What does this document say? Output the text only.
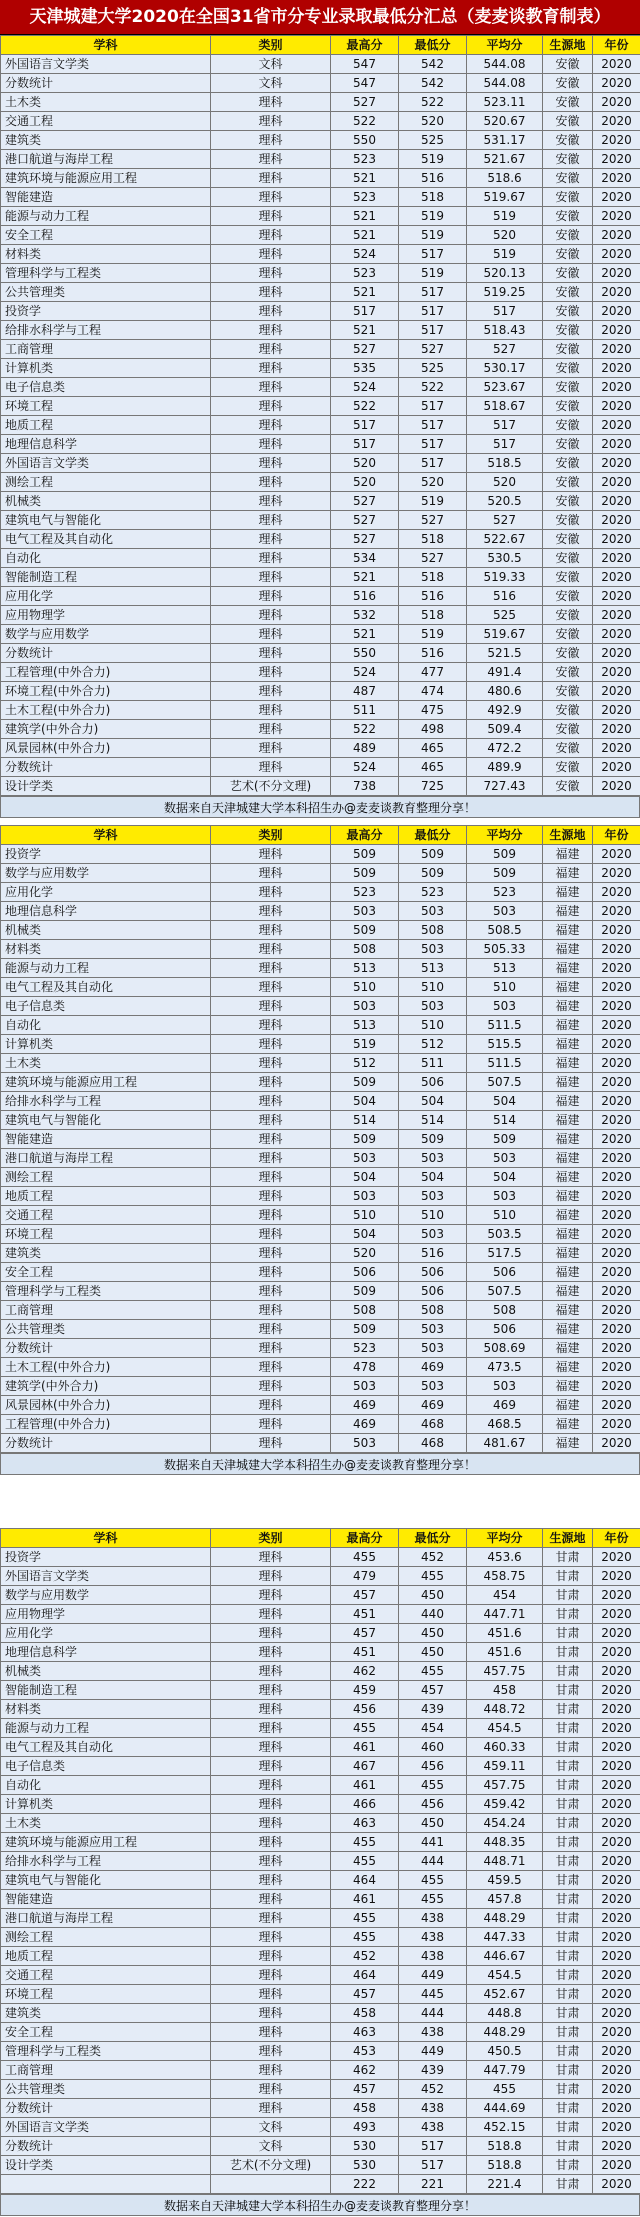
天津城建大学2020在全国31省市分专业录取最低分汇总（麦麦谈教育制表）
学科	类别	最高分	最低分	平均分	生源地	年份
外国语言文学类	文科	547	542	544.08	安徽	2020
分数统计	文科	547	542	544.08	安徽	2020
土木类	理科	527	522	523.11	安徽	2020
交通工程	理科	522	520	520.67	安徽	2020
建筑类	理科	550	525	531.17	安徽	2020
港口航道与海岸工程	理科	523	519	521.67	安徽	2020
建筑环境与能源应用工程	理科	521	516	518.6	安徽	2020
智能建造	理科	523	518	519.67	安徽	2020
能源与动力工程	理科	521	519	519	安徽	2020
安全工程	理科	521	519	520	安徽	2020
材料类	理科	524	517	519	安徽	2020
管理科学与工程类	理科	523	519	520.13	安徽	2020
公共管理类	理科	521	517	519.25	安徽	2020
投资学	理科	517	517	517	安徽	2020
给排水科学与工程	理科	521	517	518.43	安徽	2020
工商管理	理科	527	527	527	安徽	2020
计算机类	理科	535	525	530.17	安徽	2020
电子信息类	理科	524	522	523.67	安徽	2020
环境工程	理科	522	517	518.67	安徽	2020
地质工程	理科	517	517	517	安徽	2020
地理信息科学	理科	517	517	517	安徽	2020
外国语言文学类	理科	520	517	518.5	安徽	2020
测绘工程	理科	520	520	520	安徽	2020
机械类	理科	527	519	520.5	安徽	2020
建筑电气与智能化	理科	527	527	527	安徽	2020
电气工程及其自动化	理科	527	518	522.67	安徽	2020
自动化	理科	534	527	530.5	安徽	2020
智能制造工程	理科	521	518	519.33	安徽	2020
应用化学	理科	516	516	516	安徽	2020
应用物理学	理科	532	518	525	安徽	2020
数学与应用数学	理科	521	519	519.67	安徽	2020
分数统计	理科	550	516	521.5	安徽	2020
工程管理(中外合力)	理科	524	477	491.4	安徽	2020
环境工程(中外合力)	理科	487	474	480.6	安徽	2020
土木工程(中外合力)	理科	511	475	492.9	安徽	2020
建筑学(中外合力)	理科	522	498	509.4	安徽	2020
风景园林(中外合力)	理科	489	465	472.2	安徽	2020
分数统计	理科	524	465	489.9	安徽	2020
设计学类	艺术(不分文理)	738	725	727.43	安徽	2020
数据来自天津城建大学本科招生办@麦麦谈教育整理分享！
学科	类别	最高分	最低分	平均分	生源地	年份
投资学	理科	509	509	509	福建	2020
数学与应用数学	理科	509	509	509	福建	2020
应用化学	理科	523	523	523	福建	2020
地理信息科学	理科	503	503	503	福建	2020
机械类	理科	509	508	508.5	福建	2020
材料类	理科	508	503	505.33	福建	2020
能源与动力工程	理科	513	513	513	福建	2020
电气工程及其自动化	理科	510	510	510	福建	2020
电子信息类	理科	503	503	503	福建	2020
自动化	理科	513	510	511.5	福建	2020
计算机类	理科	519	512	515.5	福建	2020
土木类	理科	512	511	511.5	福建	2020
建筑环境与能源应用工程	理科	509	506	507.5	福建	2020
给排水科学与工程	理科	504	504	504	福建	2020
建筑电气与智能化	理科	514	514	514	福建	2020
智能建造	理科	509	509	509	福建	2020
港口航道与海岸工程	理科	503	503	503	福建	2020
测绘工程	理科	504	504	504	福建	2020
地质工程	理科	503	503	503	福建	2020
交通工程	理科	510	510	510	福建	2020
环境工程	理科	504	503	503.5	福建	2020
建筑类	理科	520	516	517.5	福建	2020
安全工程	理科	506	506	506	福建	2020
管理科学与工程类	理科	509	506	507.5	福建	2020
工商管理	理科	508	508	508	福建	2020
公共管理类	理科	509	503	506	福建	2020
分数统计	理科	523	503	508.69	福建	2020
土木工程(中外合力)	理科	478	469	473.5	福建	2020
建筑学(中外合力)	理科	503	503	503	福建	2020
风景园林(中外合力)	理科	469	469	469	福建	2020
工程管理(中外合力)	理科	469	468	468.5	福建	2020
分数统计	理科	503	468	481.67	福建	2020
数据来自天津城建大学本科招生办@麦麦谈教育整理分享！
学科	类别	最高分	最低分	平均分	生源地	年份
投资学	理科	455	452	453.6	甘肃	2020
外国语言文学类	理科	479	455	458.75	甘肃	2020
数学与应用数学	理科	457	450	454	甘肃	2020
应用物理学	理科	451	440	447.71	甘肃	2020
应用化学	理科	457	450	451.6	甘肃	2020
地理信息科学	理科	451	450	451.6	甘肃	2020
机械类	理科	462	455	457.75	甘肃	2020
智能制造工程	理科	459	457	458	甘肃	2020
材料类	理科	456	439	448.72	甘肃	2020
能源与动力工程	理科	455	454	454.5	甘肃	2020
电气工程及其自动化	理科	461	460	460.33	甘肃	2020
电子信息类	理科	467	456	459.11	甘肃	2020
自动化	理科	461	455	457.75	甘肃	2020
计算机类	理科	466	456	459.42	甘肃	2020
土木类	理科	463	450	454.24	甘肃	2020
建筑环境与能源应用工程	理科	455	441	448.35	甘肃	2020
给排水科学与工程	理科	455	444	448.71	甘肃	2020
建筑电气与智能化	理科	464	455	459.5	甘肃	2020
智能建造	理科	461	455	457.8	甘肃	2020
港口航道与海岸工程	理科	455	438	448.29	甘肃	2020
测绘工程	理科	455	438	447.33	甘肃	2020
地质工程	理科	452	438	446.67	甘肃	2020
交通工程	理科	464	449	454.5	甘肃	2020
环境工程	理科	457	445	452.67	甘肃	2020
建筑类	理科	458	444	448.8	甘肃	2020
安全工程	理科	463	438	448.29	甘肃	2020
管理科学与工程类	理科	453	449	450.5	甘肃	2020
工商管理	理科	462	439	447.79	甘肃	2020
公共管理类	理科	457	452	455	甘肃	2020
分数统计	理科	458	438	444.69	甘肃	2020
外国语言文学类	文科	493	438	452.15	甘肃	2020
分数统计	文科	530	517	518.8	甘肃	2020
设计学类	艺术(不分文理)	530	517	518.8	甘肃	2020
		222	221	221.4	甘肃	2020
数据来自天津城建大学本科招生办@麦麦谈教育整理分享！
